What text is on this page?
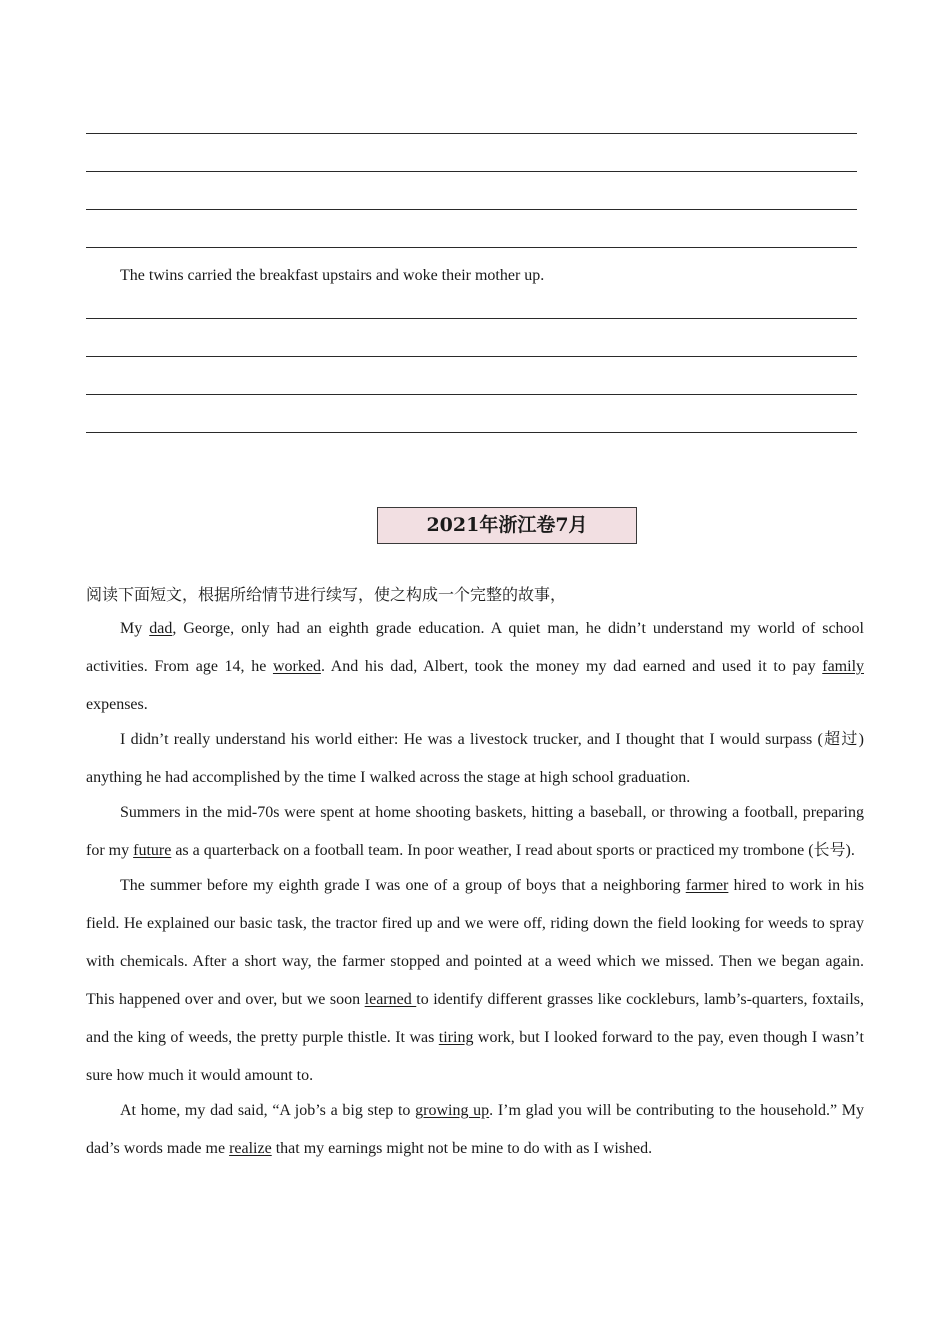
The twins carried the breakfast upstairs and woke their mother up.
2021年浙江卷7月
阅读下面短文，根据所给情节进行续写，使之构成一个完整的故事，

My dad, George, only had an eighth grade education. A quiet man, he didn’t understand my world of school activities. From age 14, he worked. And his dad, Albert, took the money my dad earned and used it to pay family expenses.

I didn’t really understand his world either: He was a livestock trucker, and I thought that I would surpass (超过) anything he had accomplished by the time I walked across the stage at high school graduation.

Summers in the mid-70s were spent at home shooting baskets, hitting a baseball, or throwing a football, preparing for my future as a quarterback on a football team. In poor weather, I read about sports or practiced my trombone (长号).

The summer before my eighth grade I was one of a group of boys that a neighboring farmer hired to work in his field. He explained our basic task, the tractor fired up and we were off, riding down the field looking for weeds to spray with chemicals. After a short way, the farmer stopped and pointed at a weed which we missed. Then we began again. This happened over and over, but we soon learned to identify different grasses like cockleburs, lamb’s-quarters, foxtails, and the king of weeds, the pretty purple thistle. It was tiring work, but I looked forward to the pay, even though I wasn’t sure how much it would amount to.

At home, my dad said, “A job’s a big step to growing up. I’m glad you will be contributing to the household.” My dad’s words made me realize that my earnings might not be mine to do with as I wished.
